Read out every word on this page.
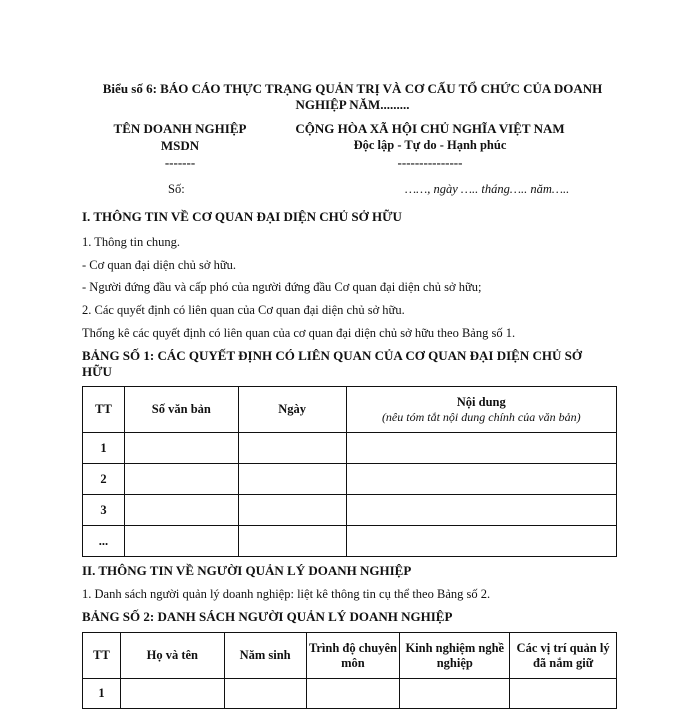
Biểu số 6: BÁO CÁO THỰC TRẠNG QUẢN TRỊ VÀ CƠ CẤU TỔ CHỨC CỦA DOANH
NGHIỆP NĂM.........
TÊN DOANH NGHIỆP
MSDN
-------
CỘNG HÒA XÃ HỘI CHỦ NGHĨA VIỆT NAM
Độc lập - Tự do - Hạnh phúc
---------------
Số:	……, ngày ….. tháng….. năm…..
I. THÔNG TIN VỀ CƠ QUAN ĐẠI DIỆN CHỦ SỞ HỮU
1. Thông tin chung.
- Cơ quan đại diện chủ sở hữu.
- Người đứng đầu và cấp phó của người đứng đầu Cơ quan đại diện chủ sở hữu;
2. Các quyết định có liên quan của Cơ quan đại diện chủ sở hữu.
Thống kê các quyết định có liên quan của cơ quan đại diện chủ sở hữu theo Bảng số 1.
BẢNG SỐ 1: CÁC QUYẾT ĐỊNH CÓ LIÊN QUAN CỦA CƠ QUAN ĐẠI DIỆN CHỦ SỞ
HỮU
TT	Số văn bản	Ngày	Nội dung
(nêu tóm tắt nội dung chính của văn bản)

1			
2			
3			
...			
II. THÔNG TIN VỀ NGƯỜI QUẢN LÝ DOANH NGHIỆP
1. Danh sách người quản lý doanh nghiệp: liệt kê thông tin cụ thể theo Bảng số 2.
BẢNG SỐ 2: DANH SÁCH NGƯỜI QUẢN LÝ DOANH NGHIỆP
TT	Họ và tên	Năm sinh	Trình độ chuyên môn	Kinh nghiệm nghề nghiệp	Các vị trí quản lý đã nắm giữ
1					
